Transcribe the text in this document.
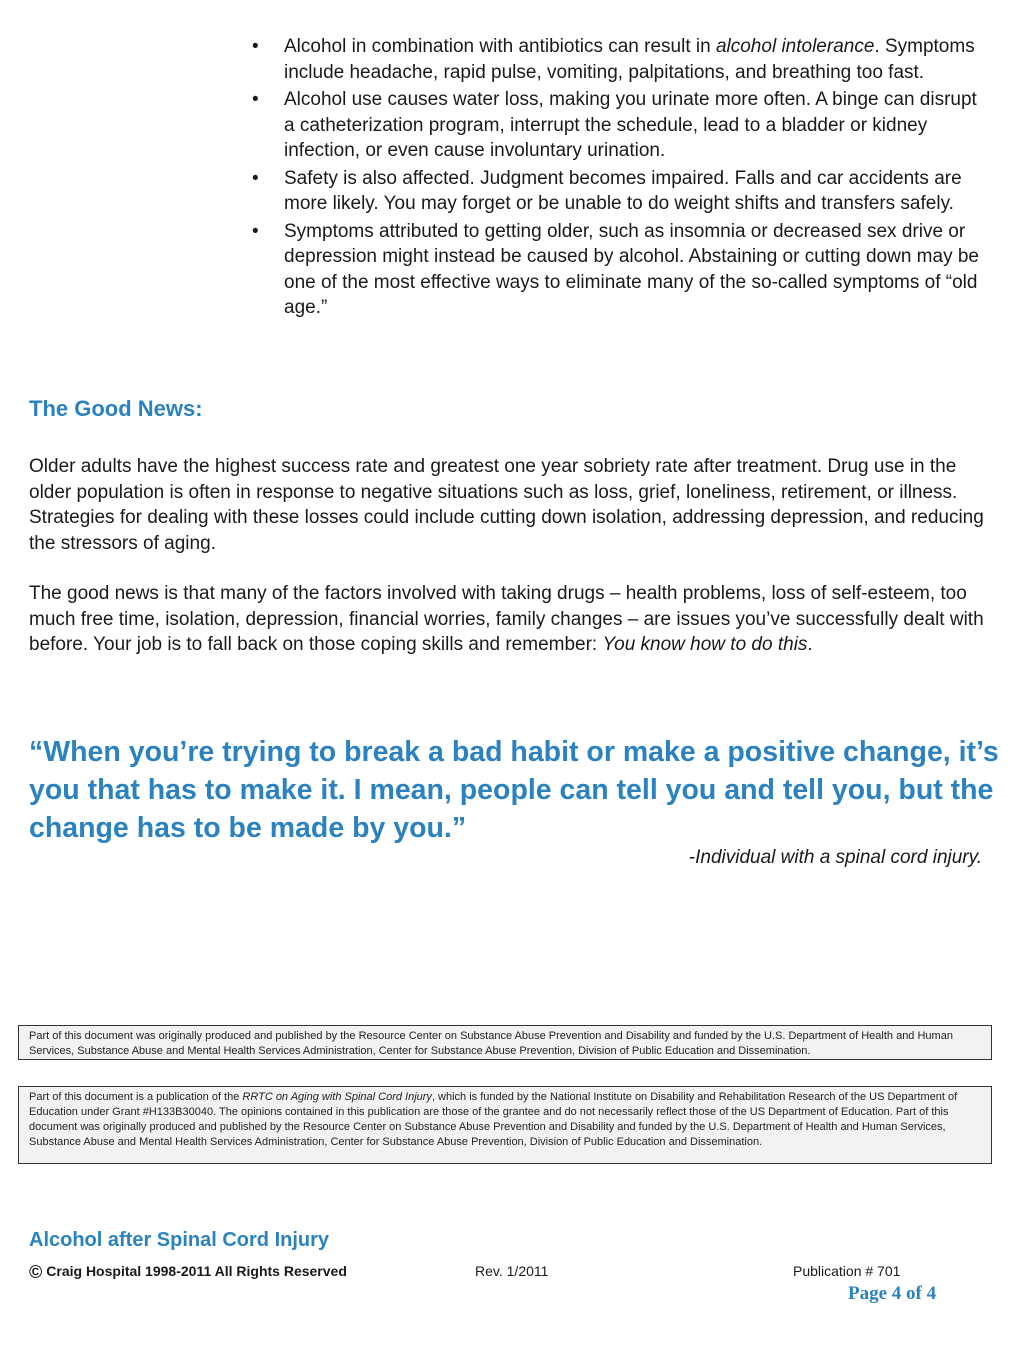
• Alcohol in combination with antibiotics can result in alcohol intolerance. Symptoms include headache, rapid pulse, vomiting, palpitations, and breathing too fast.
• Alcohol use causes water loss, making you urinate more often. A binge can disrupt a catheterization program, interrupt the schedule, lead to a bladder or kidney infection, or even cause involuntary urination.
• Safety is also affected. Judgment becomes impaired. Falls and car accidents are more likely. You may forget or be unable to do weight shifts and transfers safely.
• Symptoms attributed to getting older, such as insomnia or decreased sex drive or depression might instead be caused by alcohol. Abstaining or cutting down may be one of the most effective ways to eliminate many of the so-called symptoms of “old age.”
The Good News:

Older adults have the highest success rate and greatest one year sobriety rate after treatment. Drug use in the older population is often in response to negative situations such as loss, grief, loneliness, retirement, or illness. Strategies for dealing with these losses could include cutting down isolation, addressing depression, and reducing the stressors of aging.

The good news is that many of the factors involved with taking drugs – health problems, loss of self-esteem, too much free time, isolation, depression, financial worries, family changes – are issues you’ve successfully dealt with before. Your job is to fall back on those coping skills and remember: You know how to do this.

“When you’re trying to break a bad habit or make a positive change, it’s you that has to make it. I mean, people can tell you and tell you, but the change has to be made by you.”

-Individual with a spinal cord injury.
Part of this document was originally produced and published by the Resource Center on Substance Abuse Prevention and Disability and funded by the U.S. Department of Health and Human Services, Substance Abuse and Mental Health Services Administration, Center for Substance Abuse Prevention, Division of Public Education and Dissemination.
Part of this document is a publication of the RRTC on Aging with Spinal Cord Injury, which is funded by the National Institute on Disability and Rehabilitation Research of the US Department of Education under Grant #H133B30040. The opinions contained in this publication are those of the grantee and do not necessarily reflect those of the US Department of Education. Part of this document was originally produced and published by the Resource Center on Substance Abuse Prevention and Disability and funded by the U.S. Department of Health and Human Services, Substance Abuse and Mental Health Services Administration, Center for Substance Abuse Prevention, Division of Public Education and Dissemination.
Alcohol after Spinal Cord Injury
© Craig Hospital 1998-2011 All Rights Reserved	Rev. 1/2011	Publication # 701
Page 4 of 4
